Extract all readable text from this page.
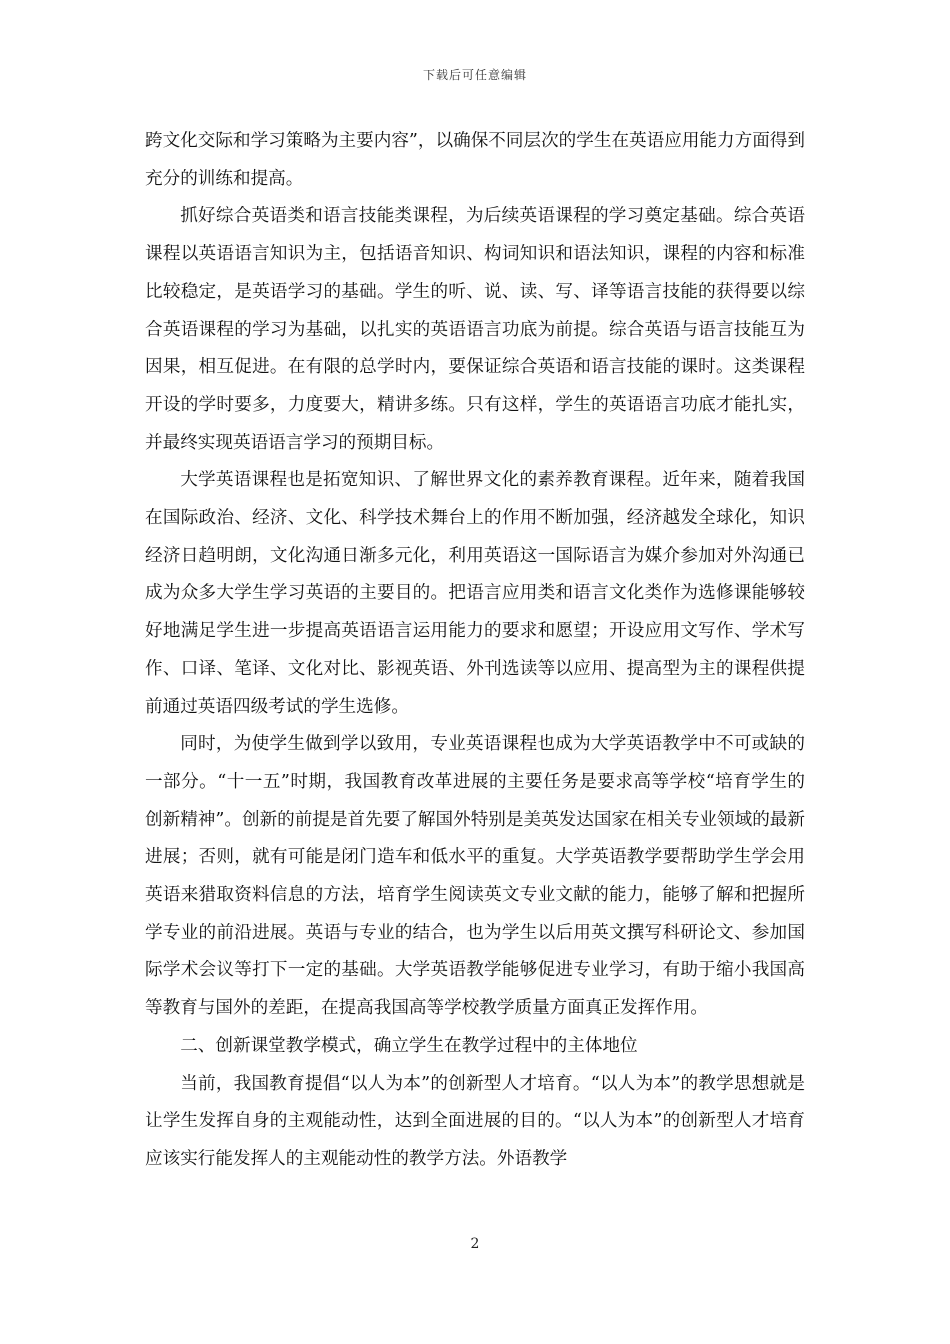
下载后可任意编辑

跨文化交际和学习策略为主要内容”，以确保不同层次的学生在英语应用能力方面得到充分的训练和提高。

抓好综合英语类和语言技能类课程，为后续英语课程的学习奠定基础。综合英语课程以英语语言知识为主，包括语音知识、构词知识和语法知识，课程的内容和标准比较稳定，是英语学习的基础。学生的听、说、读、写、译等语言技能的获得要以综合英语课程的学习为基础，以扎实的英语语言功底为前提。综合英语与语言技能互为因果，相互促进。在有限的总学时内，要保证综合英语和语言技能的课时。这类课程开设的学时要多，力度要大，精讲多练。只有这样，学生的英语语言功底才能扎实，并最终实现英语语言学习的预期目标。

大学英语课程也是拓宽知识、了解世界文化的素养教育课程。近年来，随着我国在国际政治、经济、文化、科学技术舞台上的作用不断加强，经济越发全球化，知识经济日趋明朗，文化沟通日渐多元化，利用英语这一国际语言为媒介参加对外沟通已成为众多大学生学习英语的主要目的。把语言应用类和语言文化类作为选修课能够较好地满足学生进一步提高英语语言运用能力的要求和愿望；开设应用文写作、学术写作、口译、笔译、文化对比、影视英语、外刊选读等以应用、提高型为主的课程供提前通过英语四级考试的学生选修。

同时，为使学生做到学以致用，专业英语课程也成为大学英语教学中不可或缺的一部分。“十一五”时期，我国教育改革进展的主要任务是要求高等学校“培育学生的创新精神”。创新的前提是首先要了解国外特别是美英发达国家在相关专业领域的最新进展；否则，就有可能是闭门造车和低水平的重复。大学英语教学要帮助学生学会用英语来猎取资料信息的方法，培育学生阅读英文专业文献的能力，能够了解和把握所学专业的前沿进展。英语与专业的结合，也为学生以后用英文撰写科研论文、参加国际学术会议等打下一定的基础。大学英语教学能够促进专业学习，有助于缩小我国高等教育与国外的差距，在提高我国高等学校教学质量方面真正发挥作用。

二、创新课堂教学模式，确立学生在教学过程中的主体地位

当前，我国教育提倡“以人为本”的创新型人才培育。“以人为本”的教学思想就是让学生发挥自身的主观能动性，达到全面进展的目的。“以人为本”的创新型人才培育应该实行能发挥人的主观能动性的教学方法。外语教学

2
